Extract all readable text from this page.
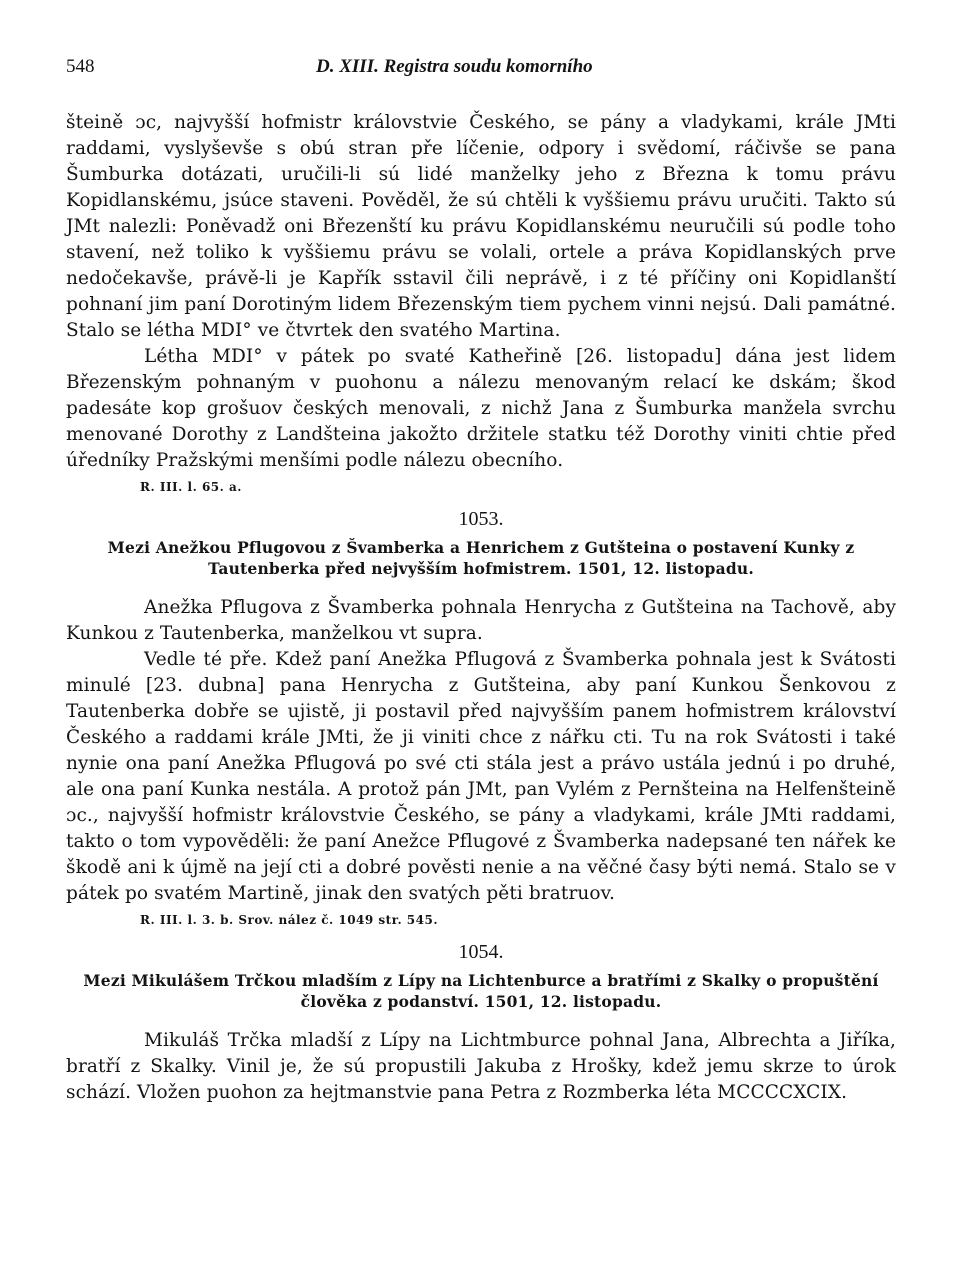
548	D. XIII. Registra soudu komorního

šteině ɔc, najvyšší hofmistr královstvie Českého, se pány a vladykami, krále JMti raddami, vyslyševše s obú stran pře líčenie, odpory i svědomí, ráčivše se pana Šumburka dotázati, uručili-li sú lidé manželky jeho z Března k tomu právu Kopidlanskému, jsúce staveni. Pověděl, že sú chtěli k vyššiemu právu uručiti. Takto sú JMt nalezli: Poněvadž oni Březenští ku právu Kopidlanskému neuručili sú podle toho stavení, než toliko k vyššiemu právu se volali, ortele a práva Kopidlanských prve nedočekavše, právě-li je Kapřík sstavil čili neprávě, i z té příčiny oni Kopidlanští pohnaní jim paní Dorotiným lidem Březenským tiem pychem vinni nejsú. Dali památné. Stalo se létha MDI° ve čtvrtek den svatého Martina.

Létha MDI° v pátek po svaté Katheřině [26. listopadu] dána jest lidem Březenským pohnaným v puohonu a nálezu menovaným relací ke dskám; škod padesáte kop grošuov českých menovali, z nichž Jana z Šumburka manžela svrchu menované Dorothy z Landšteina jakožto držitele statku též Dorothy viniti chtie před úředníky Pražskými menšími podle nálezu obecního.

R. III. l. 65. a.
1053.
Mezi Anežkou Pflugovou z Švamberka a Henrichem z Gutšteina o postavení Kunky z Tautenberka před nejvyšším hofmistrem. 1501, 12. listopadu.

Anežka Pflugova z Švamberka pohnala Henrycha z Gutšteina na Tachově, aby Kunkou z Tautenberka, manželkou vt supra.

Vedle té pře. Kdež paní Anežka Pflugová z Švamberka pohnala jest k Svátosti minulé [23. dubna] pana Henrycha z Gutšteina, aby paní Kunkou Šenkovou z Tautenberka dobře se ujistě, ji postavil před najvyšším panem hofmistrem království Českého a raddami krále JMti, že ji viniti chce z nářku cti. Tu na rok Svátosti i také nynie ona paní Anežka Pflugová po své cti stála jest a právo ustála jednú i po druhé, ale ona paní Kunka nestála. A protož pán JMt, pan Vylém z Pernšteina na Helfenšteině ɔc., najvyšší hofmistr královstvie Českého, se pány a vladykami, krále JMti raddami, takto o tom vypověděli: že paní Anežce Pflugové z Švamberka nadepsané ten nářek ke škodě ani k újmě na její cti a dobré pověsti nenie a na věčné časy býti nemá. Stalo se v pátek po svatém Martině, jinak den svatých pěti bratruov.

R. III. l. 3. b. Srov. nález č. 1049 str. 545.
1054.
Mezi Mikulášem Trčkou mladším z Lípy na Lichtenburce a bratřími z Skalky o propuštění člověka z podanství. 1501, 12. listopadu.

Mikuláš Trčka mladší z Lípy na Lichtmburce pohnal Jana, Albrechta a Jiříka, bratří z Skalky. Vinil je, že sú propustili Jakuba z Hrošky, kdež jemu skrze to úrok schází. Vložen puohon za hejtmanstvie pana Petra z Rozmberka léta MCCCCXCIX.
